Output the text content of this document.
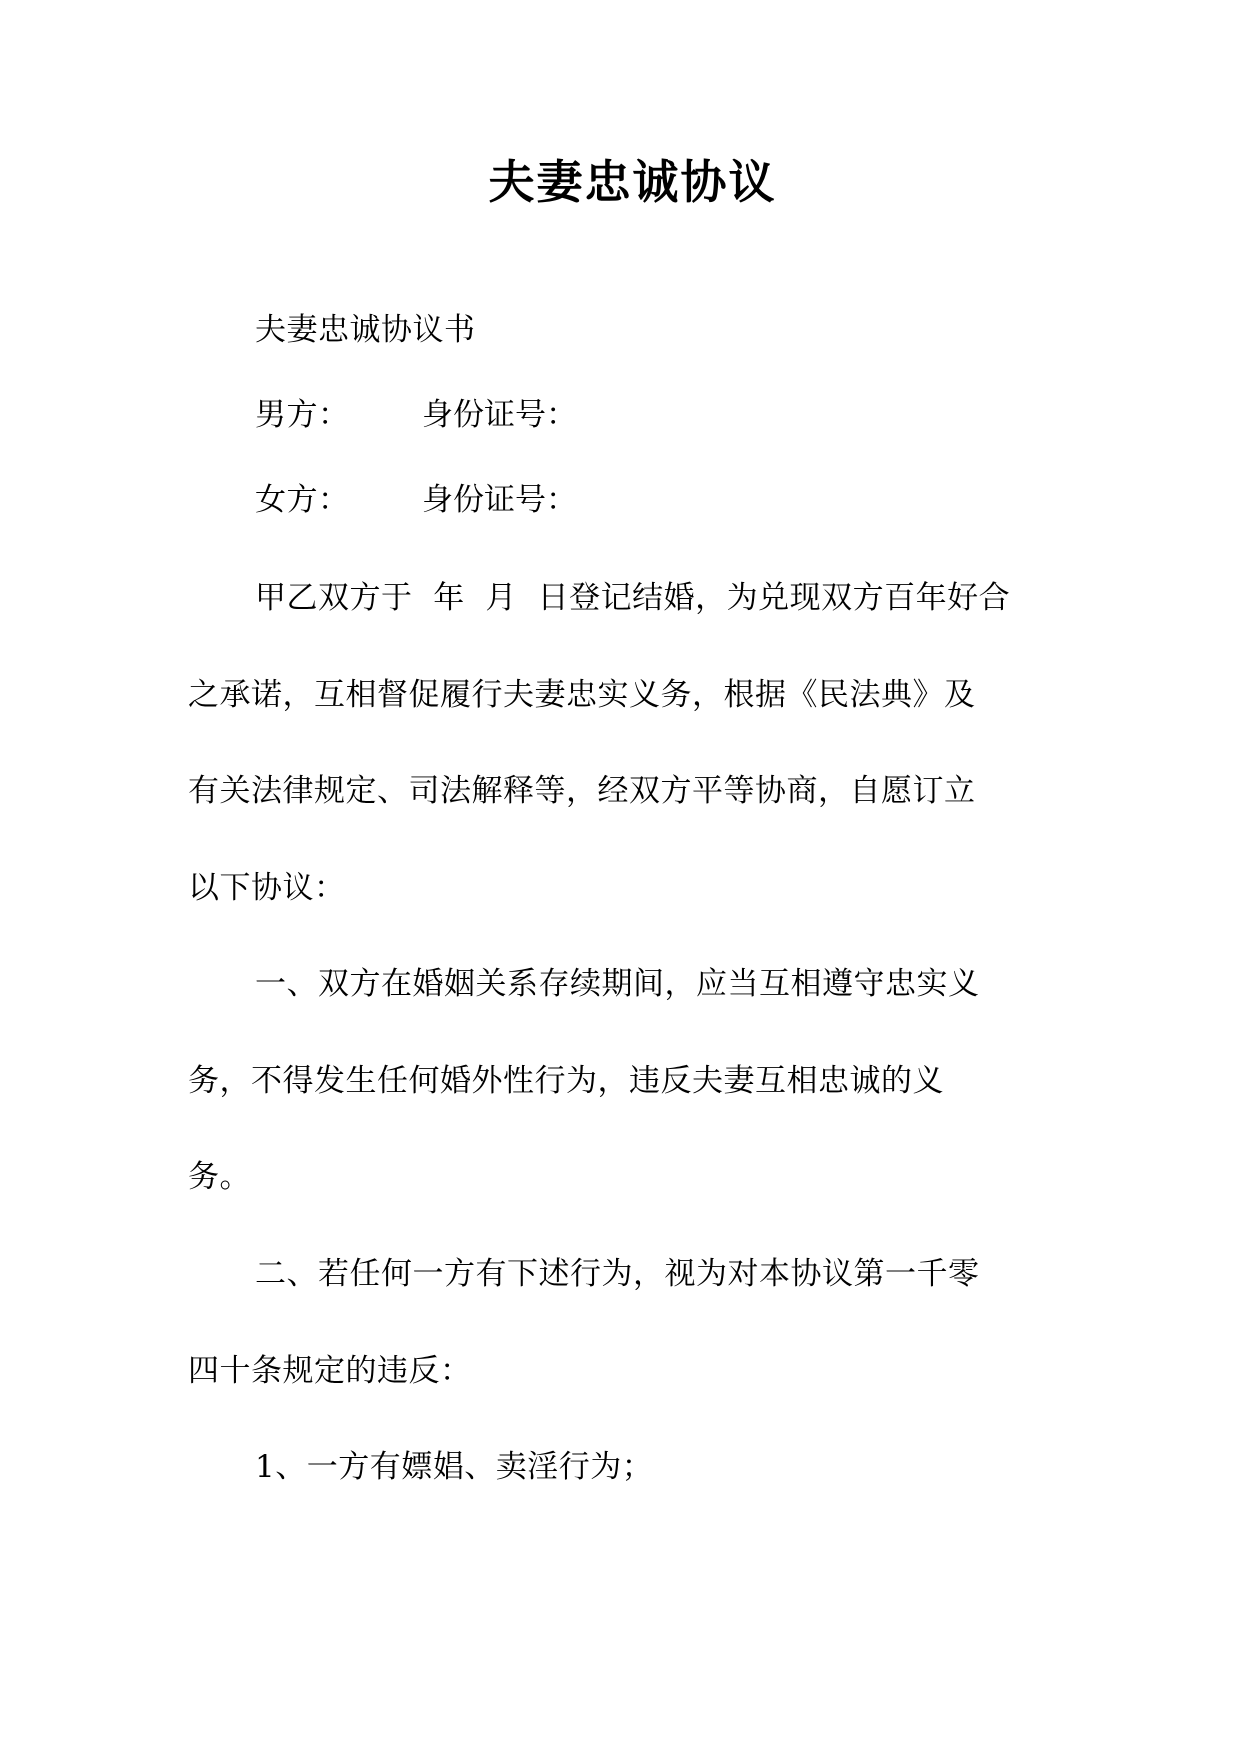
夫妻忠诚协议

夫妻忠诚协议书

男方： 身份证号：

女方： 身份证号：

甲乙双方于  年  月  日登记结婚，为兑现双方百年好合

之承诺，互相督促履行夫妻忠实义务，根据《民法典》及

有关法律规定、司法解释等，经双方平等协商，自愿订立

以下协议：

一、双方在婚姻关系存续期间，应当互相遵守忠实义

务，不得发生任何婚外性行为，违反夫妻互相忠诚的义

务。

二、若任何一方有下述行为，视为对本协议第一千零

四十条规定的违反：

1、一方有嫖娼、卖淫行为；
